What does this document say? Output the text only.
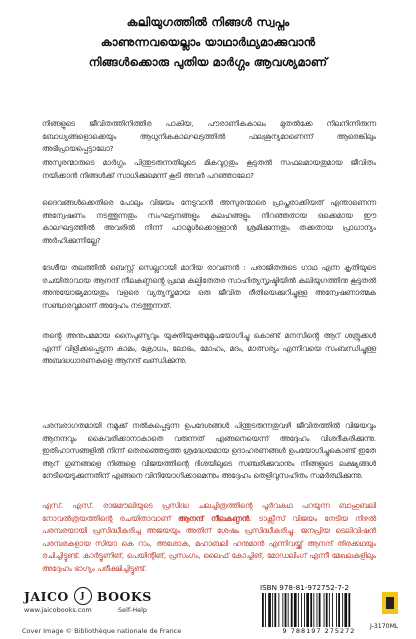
കലിയുഗത്തിൽ നിങ്ങൾ സ്വപ്നം
കാണുന്നവയെല്ലാം യാഥാർഥ്യമാക്കുവാൻ
നിങ്ങൾക്കൊരു പുതിയ മാർഗ്ഗം ആവശ്യമാണ്

നിങ്ങളുടെ ജീവിതത്തിനിത്തിര പാകിയ, പൗരാണികകാലം മുതൽക്കേ നിലനിന്നിരുന്ന ബോധ്യങ്ങളൊക്കെയും ആധുനികകാലഘട്ടത്തിൽ ഫലശൂന്യമാണെന്ന് ആരെങ്കിലും അഭിപ്രായപ്പെട്ടാലോ?

അസുരന്മാരുടെ മാർഗ്ഗം പിന്തുടരുന്നതിലൂടെ മികവുറ്റതും കൂടുതൽ സഫലമായതുമായ ജീവിതം നയിക്കാൻ നിങ്ങൾക്ക് സാധിക്കുമെന്ന് കൂടി അവർ പറഞ്ഞാലോ?

ദൈവങ്ങൾക്കെതിരെ പോലും വിജയം നേടുവാൻ അസുരന്മാരെ പ്രാപ്തരാക്കിയത് എന്താണെന്ന അന്വേഷണം നടത്തുന്നതും സംഘട്ടനങ്ങളും കലഹങ്ങളും നിറഞ്ഞതായ ഒക്കെമായ ഈ കാലഘട്ടത്തിൽ അവരിൽ നിന്ന് പാഠമുൾക്കൊള്ളാൻ ശ്രമിക്കുന്നതും തക്കതായ പ്രാധാന്യം അർഹിക്കുന്നില്ലേ?

ദേശീയ തലത്തിൽ ബെസ്റ്റ് സെല്ലറായി മാറിയ രാവണൻ : പരാജിതരുടെ ഗാഥ എന്ന കൃതിയുടെ രചയിതാവായ ആനന്ദ് നീലകണ്ഠൻ്റെ പ്രഥമ കല്പിതേതര സാഹിത്യസൃഷ്ടിയിൽ കലിയുഗത്തിനു കൂടുതൽ അനുയോജ്യമായതും വളരെ വ്യത്യസ്തമായ ഒരു ജീവിത രീതിയെക്കുറിച്ചുള്ള അന്വേഷണാത്മക സഞ്ചാരവുമാണ് അദ്ദേഹം നടത്തുന്നത്.

തൻ്റെ അനുപമമായ നൈപുണ്യവും യുക്തിയുക്തമുമുപയോഗിച്ചു കൊണ്ട് മനസിൻ്റെ ആറ് ശത്രുക്കൾ എന്ന് വിളിക്കപ്പെടുന്ന കാമം, ക്രോധം, ലോഭം, മോഹം, മദം, മാത്സര്യം എന്നിവയെ സംബന്ധിച്ചുള്ള അബദ്ധധാരണകളെ ആനന്ദ് ഖണ്ഡിക്കുന്നു.

പരമ്പരാഗതമായി നമുക്ക് നൽകപ്പെടുന്ന ഉപദേശങ്ങൾ പിന്തുടരുന്നതുവഴി ജീവിതത്തിൽ വിജയവും ആനന്ദവും കൈവരിക്കാനാകാതെ വരുന്നത് എങ്ങനെയെന്ന് അദ്ദേഹം വിശദീകരിക്കുന്നു. ഇതിഹാസങ്ങളിൽ നിന്ന് തെരഞ്ഞെടുത്ത ശ്രദ്ധേയമായ ഉദാഹരണങ്ങൾ ഉപയോഗിച്ചുകൊണ്ട് ഇതേ ആറ് ഗുണങ്ങളെ നിങ്ങളെ വിജയത്തിന്റെ ദിശയിലുടെ സഞ്ചരിക്കുവാനും നിങ്ങളുടെ ലക്ഷ്യങ്ങൾ നേടിയെടുക്കുന്നതിന് എങ്ങനെ വിനിയോഗിക്കാമെന്നും അദ്ദേഹം തെളിവുസഹിതം സമർത്ഥിക്കുന്നു.

എസ്. എസ്. രാജമൗലിയുടെ പ്രസിദ്ധ ചലച്ചിത്രത്തിന്റെ പൂർവകഥ പറയുന്ന ബാഹുബലി നോവൽത്രയത്തിന്റെ രചയിതാവാണ് ആനന്ദ് നീലകണ്ഠൻ. ടാക്സീസ് വിജയം നേടിയ നിഴൽ പരമ്പരയായി പ്രസിദ്ധീകരിച്ച അജയയും അതിന് ശേഷം പ്രസിദ്ധീകരിച്ചു. ജനപ്രിയ ടെലിവിഷൻ പരമ്പരകളായ സിയാ കെ റാം, അശോക, മഹാബലി ഹനുമാൻ എന്നിവയ്ക്ക് ആനന്ദ് തിരക്കഥയും രചിച്ചിട്ടുണ്ട്. കാർട്ടൂണിങ്, പെയിന്റിങ്, പ്രസംഗം, ലൈഫ് കോച്ചിങ്, മോഡലിംഗ് എന്നീ മേഖലകളിലും അദ്ദേഹം ഭാഗ്യം പരീക്ഷിച്ചിട്ടുണ്ട്.

JAICO J BOOKS
www.jaicobooks.com	Self-Help
ISBN 978-81-972752-7-2
9 788197 275272
J-3170ML
Cover Image © Bibliothèque nationale de France
